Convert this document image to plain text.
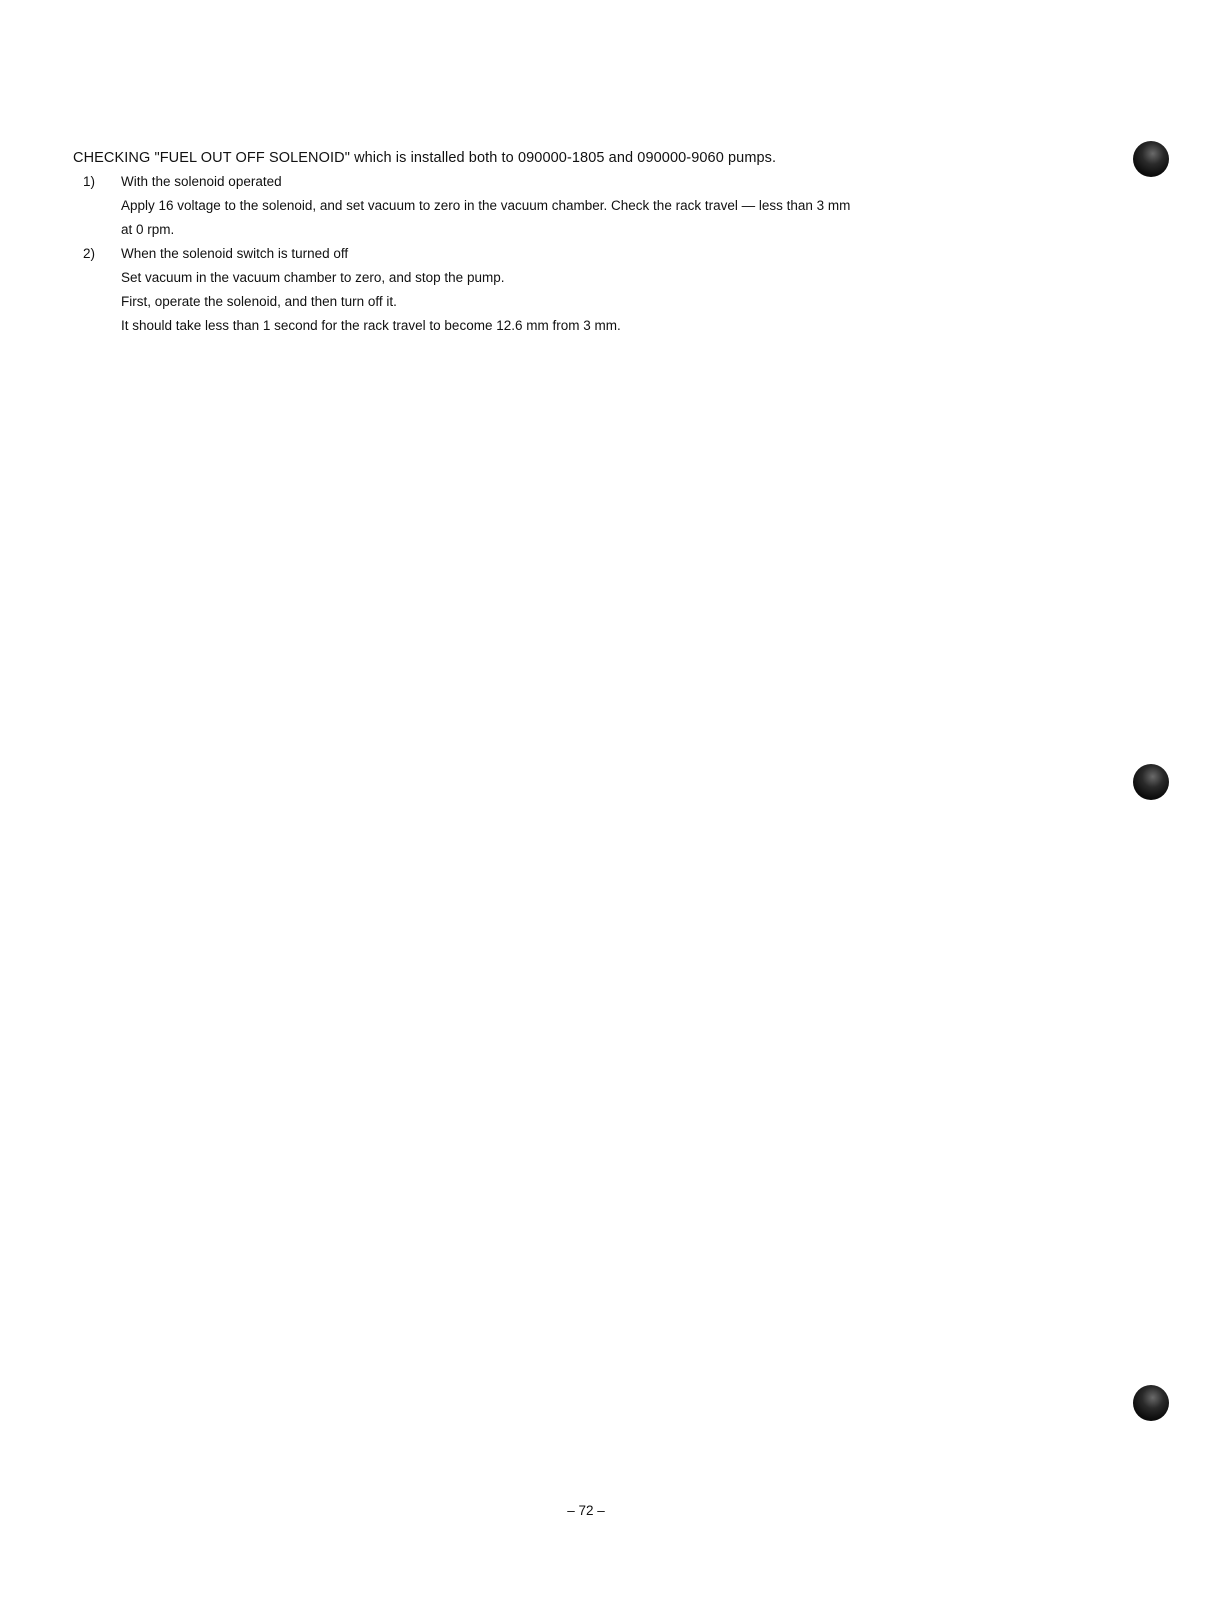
CHECKING "FUEL OUT OFF SOLENOID" which is installed both to 090000-1805 and 090000-9060 pumps.

1) With the solenoid operated
Apply 16 voltage to the solenoid, and set vacuum to zero in the vacuum chamber. Check the rack travel — less than 3 mm
at 0 rpm.
2) When the solenoid switch is turned off
Set vacuum in the vacuum chamber to zero, and stop the pump.
First, operate the solenoid, and then turn off it.
It should take less than 1 second for the rack travel to become 12.6 mm from 3 mm.
– 72 –
